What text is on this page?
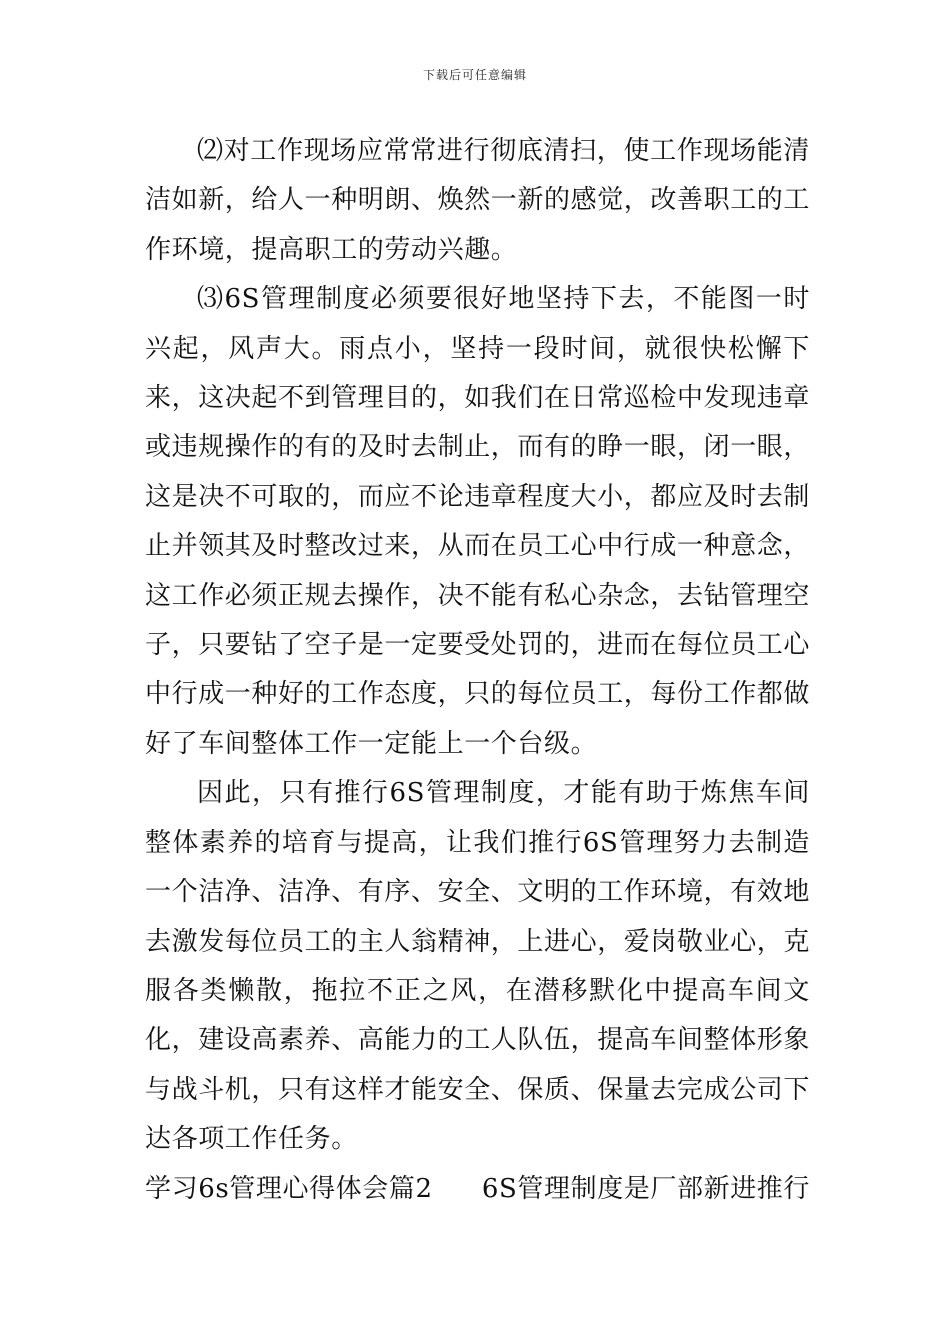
下载后可任意编辑

⑵对工作现场应常常进行彻底清扫，使工作现场能清洁如新，给人一种明朗、焕然一新的感觉，改善职工的工作环境，提高职工的劳动兴趣。

⑶6S管理制度必须要很好地坚持下去，不能图一时兴起，风声大。雨点小，坚持一段时间，就很快松懈下来，这决起不到管理目的，如我们在日常巡检中发现违章或违规操作的有的及时去制止，而有的睁一眼，闭一眼，这是决不可取的，而应不论违章程度大小，都应及时去制止并领其及时整改过来，从而在员工心中行成一种意念，这工作必须正规去操作，决不能有私心杂念，去钻管理空子，只要钻了空子是一定要受处罚的，进而在每位员工心中行成一种好的工作态度，只的每位员工，每份工作都做好了车间整体工作一定能上一个台级。

因此，只有推行6S管理制度，才能有助于炼焦车间整体素养的培育与提高，让我们推行6S管理努力去制造一个洁净、洁净、有序、安全、文明的工作环境，有效地去激发每位员工的主人翁精神，上进心，爱岗敬业心，克服各类懒散，拖拉不正之风，在潜移默化中提高车间文化，建设高素养、高能力的工人队伍，提高车间整体形象与战斗机，只有这样才能安全、保质、保量去完成公司下达各项工作任务。

学习6s管理心得体会篇2 6S管理制度是厂部新进推行
